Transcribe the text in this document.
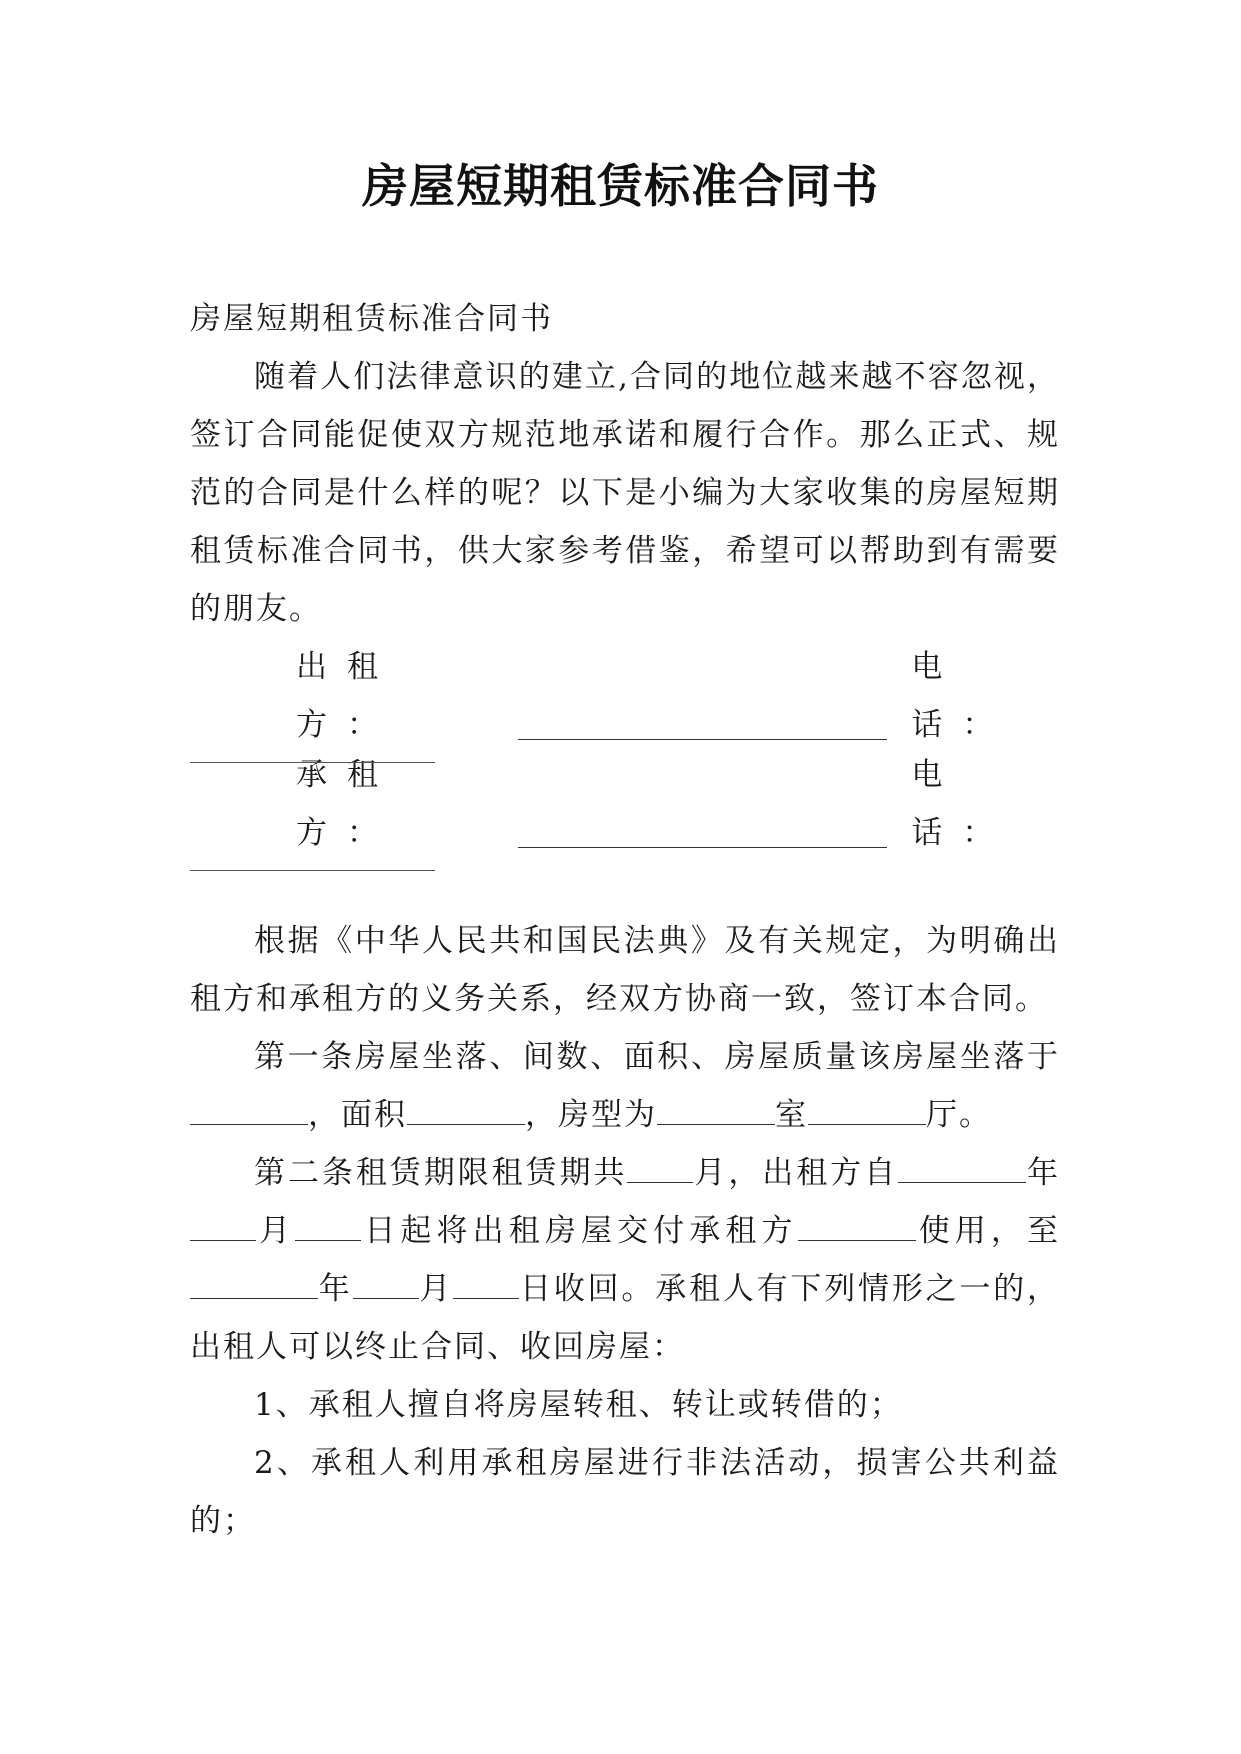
房屋短期租赁标准合同书

房屋短期租赁标准合同书

随着人们法律意识的建立,合同的地位越来越不容忽视，签订合同能促使双方规范地承诺和履行合作。那么正式、规范的合同是什么样的呢？以下是小编为大家收集的房屋短期租赁标准合同书，供大家参考借鉴，希望可以帮助到有需要的朋友。

出租方：
电话：
承租方：
电话：

根据《中华人民共和国民法典》及有关规定，为明确出租方和承租方的义务关系，经双方协商一致，签订本合同。

第一条房屋坐落、间数、面积、房屋质量该房屋坐落于，面积	，房型为	室	厅。

第二条租赁期限租赁期共 月，出租方自	年月 日起将出租房屋交付承租方	使用，至年 月 日收回。承租人有下列情形之一的，出租人可以终止合同、收回房屋：

1、承租人擅自将房屋转租、转让或转借的；

2、承租人利用承租房屋进行非法活动，损害公共利益的；
